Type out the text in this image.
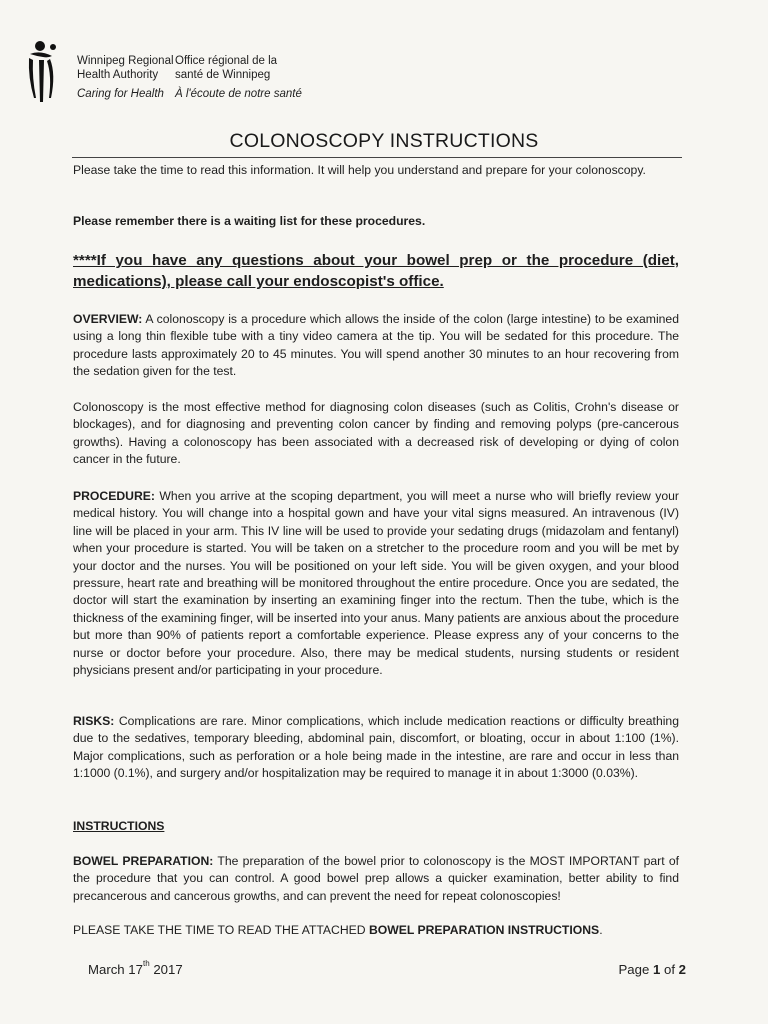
Winnipeg Regional
Health Authority
Caring for Health
Office régional de la
santé de Winnipeg
À l'écoute de notre santé
COLONOSCOPY INSTRUCTIONS
Please take the time to read this information. It will help you understand and prepare for your colonoscopy.
Please remember there is a waiting list for these procedures.
****If you have any questions about your bowel prep or the procedure (diet, medications), please call your endoscopist's office.
OVERVIEW: A colonoscopy is a procedure which allows the inside of the colon (large intestine) to be examined using a long thin flexible tube with a tiny video camera at the tip. You will be sedated for this procedure. The procedure lasts approximately 20 to 45 minutes. You will spend another 30 minutes to an hour recovering from the sedation given for the test.
Colonoscopy is the most effective method for diagnosing colon diseases (such as Colitis, Crohn's disease or blockages), and for diagnosing and preventing colon cancer by finding and removing polyps (pre-cancerous growths). Having a colonoscopy has been associated with a decreased risk of developing or dying of colon cancer in the future.
PROCEDURE: When you arrive at the scoping department, you will meet a nurse who will briefly review your medical history. You will change into a hospital gown and have your vital signs measured. An intravenous (IV) line will be placed in your arm. This IV line will be used to provide your sedating drugs (midazolam and fentanyl) when your procedure is started. You will be taken on a stretcher to the procedure room and you will be met by your doctor and the nurses. You will be positioned on your left side. You will be given oxygen, and your blood pressure, heart rate and breathing will be monitored throughout the entire procedure. Once you are sedated, the doctor will start the examination by inserting an examining finger into the rectum. Then the tube, which is the thickness of the examining finger, will be inserted into your anus. Many patients are anxious about the procedure but more than 90% of patients report a comfortable experience. Please express any of your concerns to the nurse or doctor before your procedure. Also, there may be medical students, nursing students or resident physicians present and/or participating in your procedure.
RISKS: Complications are rare. Minor complications, which include medication reactions or difficulty breathing due to the sedatives, temporary bleeding, abdominal pain, discomfort, or bloating, occur in about 1:100 (1%). Major complications, such as perforation or a hole being made in the intestine, are rare and occur in less than 1:1000 (0.1%), and surgery and/or hospitalization may be required to manage it in about 1:3000 (0.03%).
INSTRUCTIONS
BOWEL PREPARATION: The preparation of the bowel prior to colonoscopy is the MOST IMPORTANT part of the procedure that you can control. A good bowel prep allows a quicker examination, better ability to find precancerous and cancerous growths, and can prevent the need for repeat colonoscopies!
PLEASE TAKE THE TIME TO READ THE ATTACHED BOWEL PREPARATION INSTRUCTIONS.
March 17th 2017	Page 1 of 2
